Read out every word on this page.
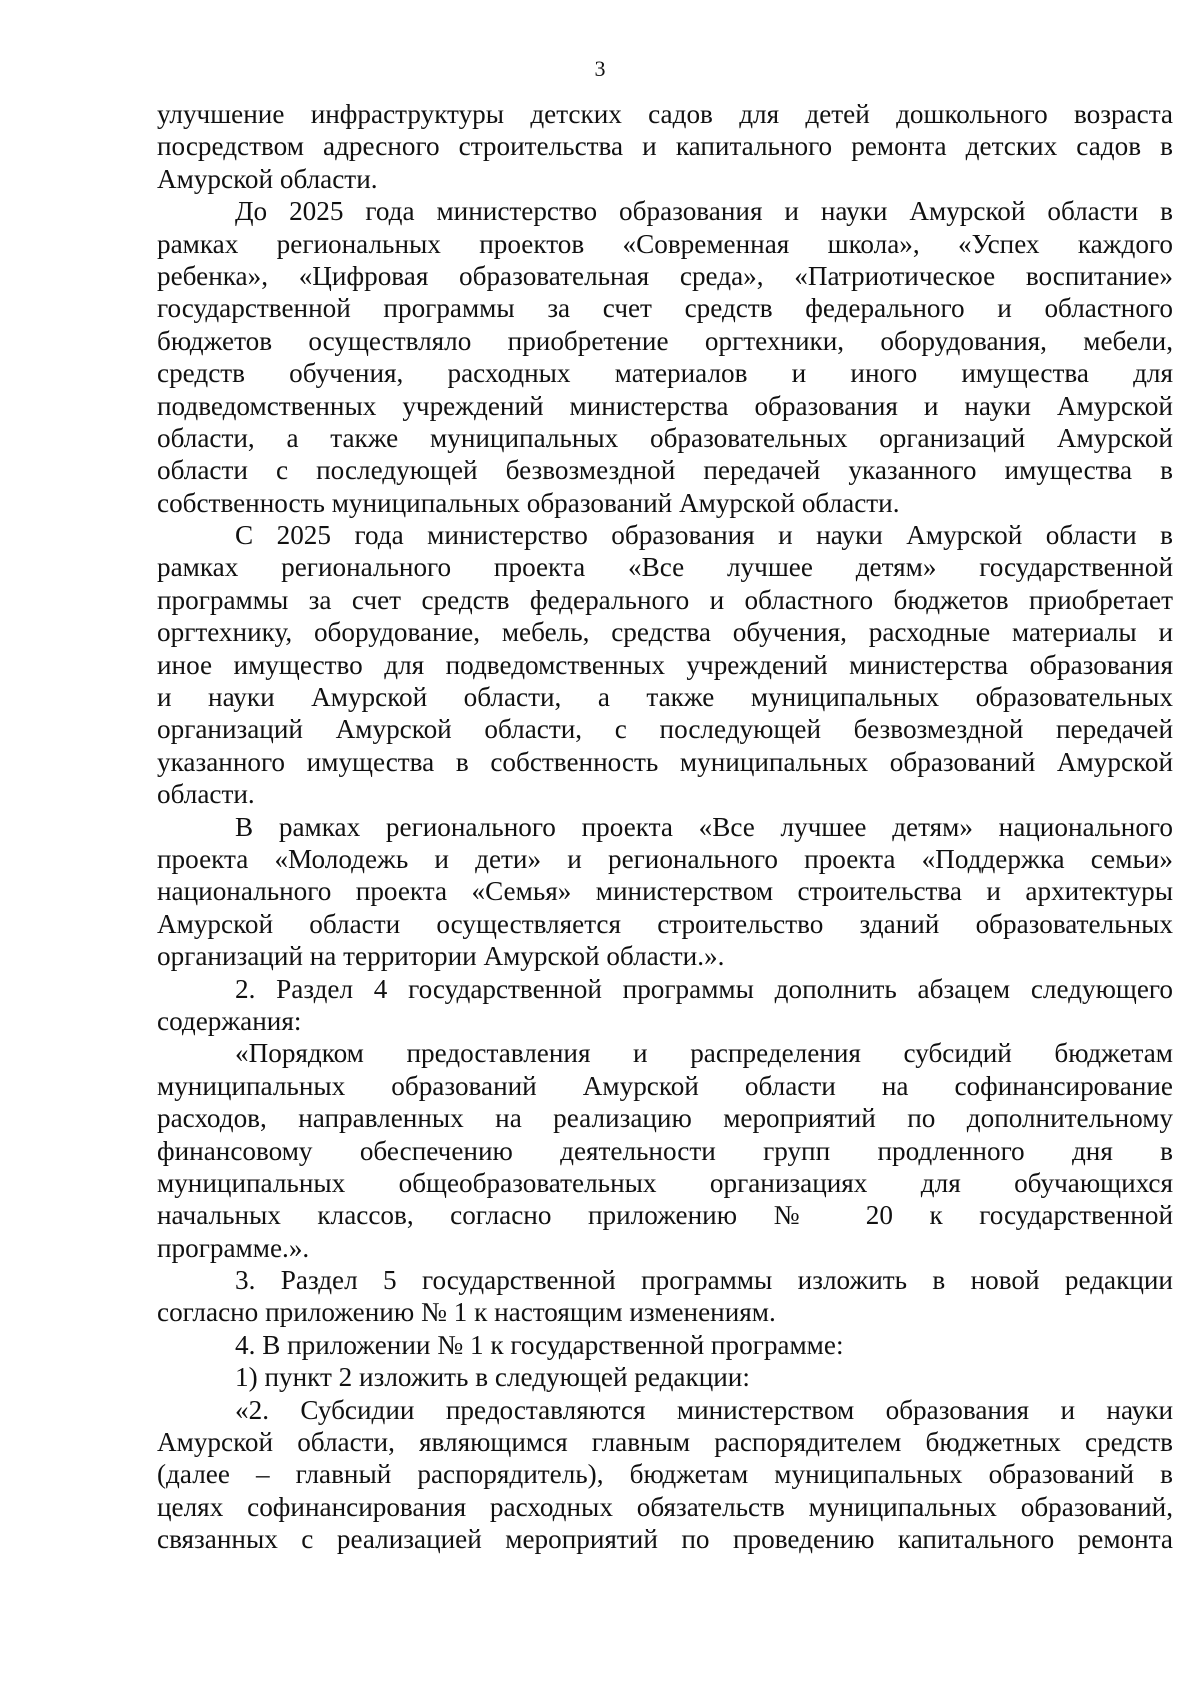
3
улучшение инфраструктуры детских садов для детей дошкольного возраста
посредством адресного строительства и капитального ремонта детских садов в
Амурской области.
До 2025 года министерство образования и науки Амурской области в
рамках региональных проектов «Современная школа», «Успех каждого
ребенка», «Цифровая образовательная среда», «Патриотическое воспитание»
государственной программы за счет средств федерального и областного
бюджетов осуществляло приобретение оргтехники, оборудования, мебели,
средств обучения, расходных материалов и иного имущества для
подведомственных учреждений министерства образования и науки Амурской
области, а также муниципальных образовательных организаций Амурской
области с последующей безвозмездной передачей указанного имущества в
собственность муниципальных образований Амурской области.
С 2025 года министерство образования и науки Амурской области в
рамках регионального проекта «Все лучшее детям» государственной
программы за счет средств федерального и областного бюджетов приобретает
оргтехнику, оборудование, мебель, средства обучения, расходные материалы и
иное имущество для подведомственных учреждений министерства образования
и науки Амурской области, а также муниципальных образовательных
организаций Амурской области, с последующей безвозмездной передачей
указанного имущества в собственность муниципальных образований Амурской
области.
В рамках регионального проекта «Все лучшее детям» национального
проекта «Молодежь и дети» и регионального проекта «Поддержка семьи»
национального проекта «Семья» министерством строительства и архитектуры
Амурской области осуществляется строительство зданий образовательных
организаций на территории Амурской области.».
2. Раздел 4 государственной программы дополнить абзацем следующего
содержания:
«Порядком предоставления и распределения субсидий бюджетам
муниципальных образований Амурской области на софинансирование
расходов, направленных на реализацию мероприятий по дополнительному
финансовому обеспечению деятельности групп продленного дня в
муниципальных общеобразовательных организациях для обучающихся
начальных классов, согласно приложению № 20 к государственной
программе.».
3. Раздел 5 государственной программы изложить в новой редакции
согласно приложению № 1 к настоящим изменениям.
4. В приложении № 1 к государственной программе:
1) пункт 2 изложить в следующей редакции:
«2. Субсидии предоставляются министерством образования и науки
Амурской области, являющимся главным распорядителем бюджетных средств
(далее – главный распорядитель), бюджетам муниципальных образований в
целях софинансирования расходных обязательств муниципальных образований,
связанных с реализацией мероприятий по проведению капитального ремонта
